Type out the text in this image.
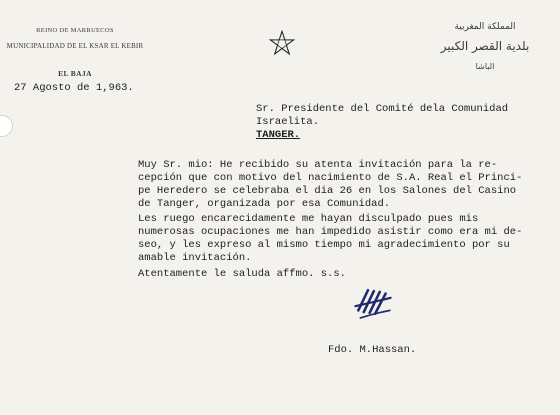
REINO DE MARRUECOS
MUNICIPALIDAD DE EL KSAR EL KEBIR
EL BAJA
المملكة المغربية
بلدية القصر الكبير
الباشا
27 Agosto de 1,963.
Sr. Presidente del Comité dela Comunidad
Israelita.
TANGER.
Muy Sr. mio: He recibido su atenta invitación para la re-
cepción que con motivo del nacimiento de S.A. Real el Princi-
pe Heredero se celebraba el dia 26 en los Salones del Casino
de Tanger, organizada por esa Comunidad.
Les ruego encarecidamente me hayan disculpado pues mis
numerosas ocupaciones me han impedido asistir como era mi de-
seo, y les expreso al mismo tiempo mi agradecimiento por su
amable invitación.
Atentamente le saluda affmo. s.s.
Fdo. M.Hassan.
